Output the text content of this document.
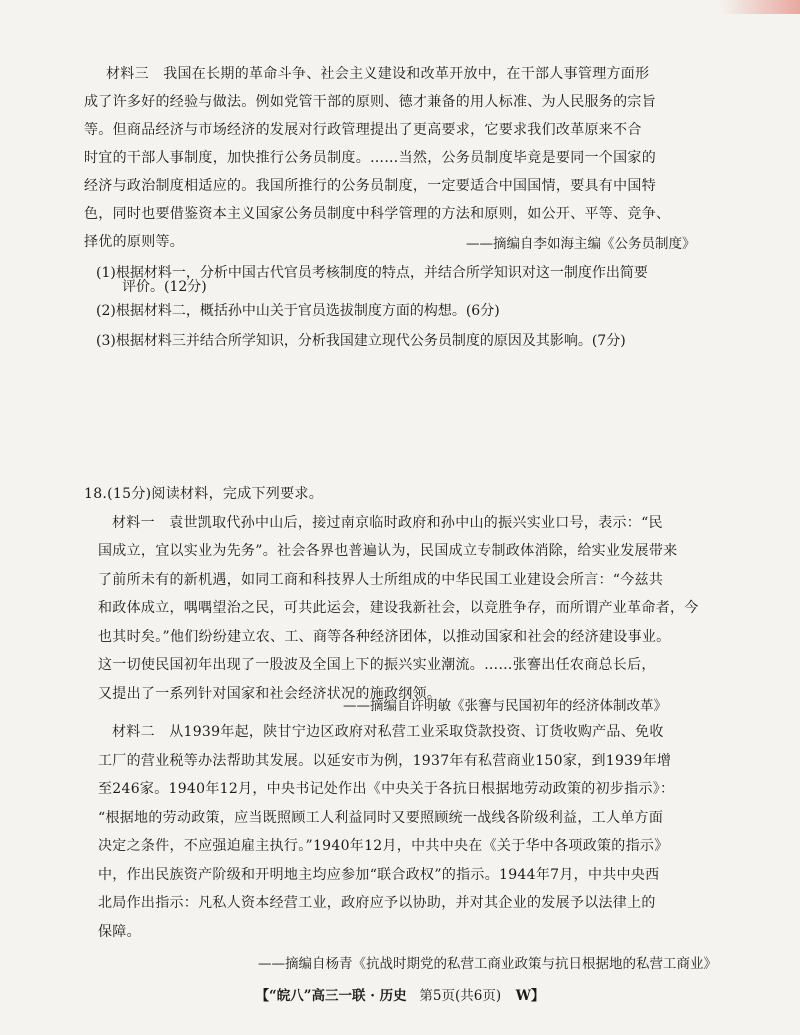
材料三　我国在长期的革命斗争、社会主义建设和改革开放中，在干部人事管理方面形
成了许多好的经验与做法。例如党管干部的原则、德才兼备的用人标准、为人民服务的宗旨
等。但商品经济与市场经济的发展对行政管理提出了更高要求，它要求我们改革原来不合
时宜的干部人事制度，加快推行公务员制度。……当然，公务员制度毕竟是要同一个国家的
经济与政治制度相适应的。我国所推行的公务员制度，一定要适合中国国情，要具有中国特
色，同时也要借鉴资本主义国家公务员制度中科学管理的方法和原则，如公开、平等、竞争、
择优的原则等。	——摘编自李如海主编《公务员制度》
(1)根据材料一，分析中国古代官员考核制度的特点，并结合所学知识对这一制度作出简要
评价。(12分)
(2)根据材料二，概括孙中山关于官员选拔制度方面的构想。(6分)
(3)根据材料三并结合所学知识，分析我国建立现代公务员制度的原因及其影响。(7分)
18.(15分)阅读材料，完成下列要求。
材料一　袁世凯取代孙中山后，接过南京临时政府和孙中山的振兴实业口号，表示：“民
国成立，宜以实业为先务”。社会各界也普遍认为，民国成立专制政体消除，给实业发展带来
了前所未有的新机遇，如同工商和科技界人士所组成的中华民国工业建设会所言：“今兹共
和政体成立，喁喁望治之民，可共此运会，建设我新社会，以竞胜争存，而所谓产业革命者，今
也其时矣。”他们纷纷建立农、工、商等各种经济团体，以推动国家和社会的经济建设事业。
这一切使民国初年出现了一股波及全国上下的振兴实业潮流。……张謇出任农商总长后，
又提出了一系列针对国家和社会经济状况的施政纲领。
——摘编自许明敏《张謇与民国初年的经济体制改革》
材料二　从1939年起，陕甘宁边区政府对私营工业采取贷款投资、订货收购产品、免收
工厂的营业税等办法帮助其发展。以延安市为例，1937年有私营商业150家，到1939年增
至246家。1940年12月，中央书记处作出《中央关于各抗日根据地劳动政策的初步指示》：
“根据地的劳动政策，应当既照顾工人利益同时又要照顾统一战线各阶级利益，工人单方面
决定之条件，不应强迫雇主执行。”1940年12月，中共中央在《关于华中各项政策的指示》
中，作出民族资产阶级和开明地主均应参加“联合政权”的指示。1944年7月，中共中央西
北局作出指示：凡私人资本经营工业，政府应予以协助，并对其企业的发展予以法律上的
保障。
——摘编自杨青《抗战时期党的私营工商业政策与抗日根据地的私营工商业》
【“皖八”高三一联 · 历史 第5页(共6页) W】
